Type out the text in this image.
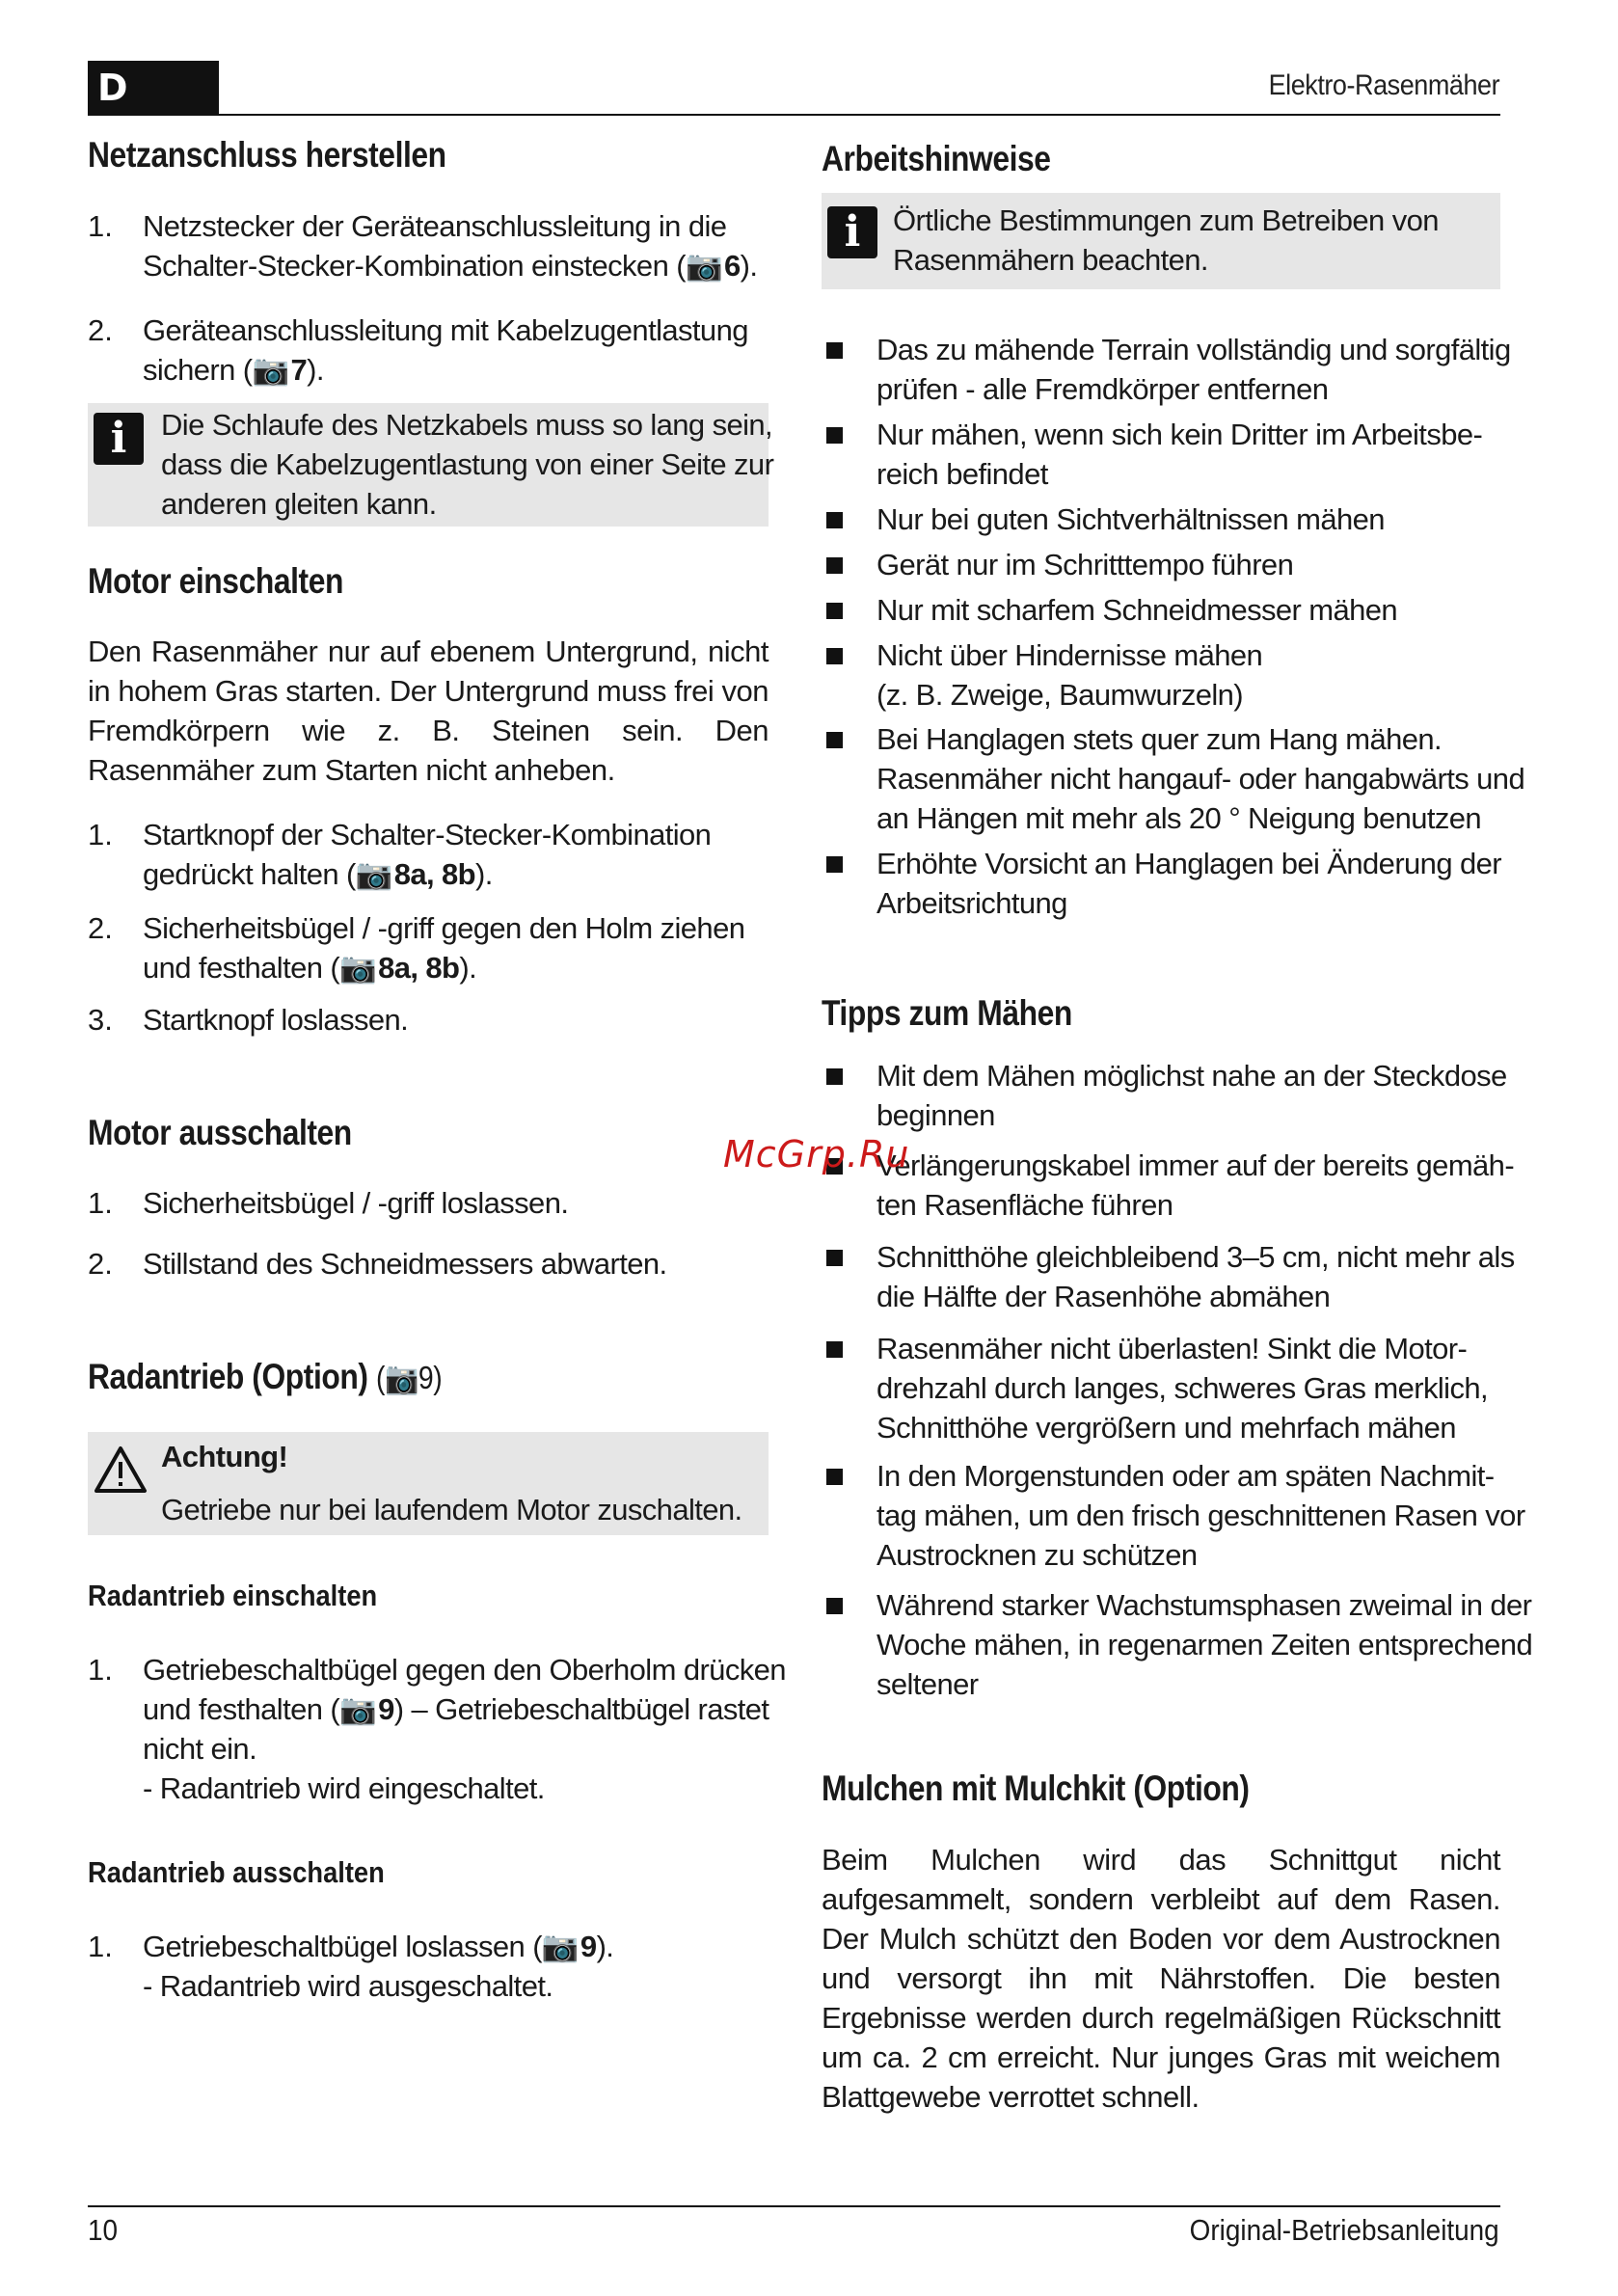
D	Elektro-Rasenmäher
Netzanschluss herstellen
1. Netzstecker der Geräteanschlussleitung in die
Schalter-Stecker-Kombination einstecken (📷 6).
2. Geräteanschlussleitung mit Kabelzugentlastung
sichern (📷 7).
i	Die Schlaufe des Netzkabels muss so lang sein,
dass die Kabelzugentlastung von einer Seite zur
anderen gleiten kann.
Motor einschalten
Den Rasenmäher nur auf ebenem Untergrund, nicht in hohem Gras starten. Der Untergrund muss frei von Fremdkörpern wie z. B. Steinen sein. Den Rasenmäher zum Starten nicht anheben.
1. Startknopf der Schalter-Stecker-Kombination
gedrückt halten (📷 8a, 8b).
2. Sicherheitsbügel / -griff gegen den Holm ziehen
und festhalten (📷 8a, 8b).
3. Startknopf loslassen.
Motor ausschalten
1. Sicherheitsbügel / -griff loslassen.
2. Stillstand des Schneidmessers abwarten.
Radantrieb (Option) (📷9)
Achtung!
Getriebe nur bei laufendem Motor zuschalten.
Radantrieb einschalten
1. Getriebeschaltbügel gegen den Oberholm drücken
und festhalten (📷 9) – Getriebeschaltbügel rastet
nicht ein.
- Radantrieb wird eingeschaltet.
Radantrieb ausschalten
1. Getriebeschaltbügel loslassen (📷 9).
- Radantrieb wird ausgeschaltet.
Arbeitshinweise
i	Örtliche Bestimmungen zum Betreiben von
Rasenmähern beachten.
Das zu mähende Terrain vollständig und sorgfältig
prüfen - alle Fremdkörper entfernen
Nur mähen, wenn sich kein Dritter im Arbeitsbe-
reich befindet
Nur bei guten Sichtverhältnissen mähen
Gerät nur im Schritttempo führen
Nur mit scharfem Schneidmesser mähen
Nicht über Hindernisse mähen
(z. B. Zweige, Baumwurzeln)
Bei Hanglagen stets quer zum Hang mähen.
Rasenmäher nicht hangauf- oder hangabwärts und
an Hängen mit mehr als 20 ° Neigung benutzen
Erhöhte Vorsicht an Hanglagen bei Änderung der
Arbeitsrichtung
Tipps zum Mähen
Mit dem Mähen möglichst nahe an der Steckdose
beginnen
Verlängerungskabel immer auf der bereits gemäh-
ten Rasenfläche führen
Schnitthöhe gleichbleibend 3–5 cm, nicht mehr als
die Hälfte der Rasenhöhe abmähen
Rasenmäher nicht überlasten! Sinkt die Motor-
drehzahl durch langes, schweres Gras merklich,
Schnitthöhe vergrößern und mehrfach mähen
In den Morgenstunden oder am späten Nachmit-
tag mähen, um den frisch geschnittenen Rasen vor
Austrocknen zu schützen
Während starker Wachstumsphasen zweimal in der
Woche mähen, in regenarmen Zeiten entsprechend
seltener
Mulchen mit Mulchkit (Option)
Beim Mulchen wird das Schnittgut nicht aufgesammelt, sondern verbleibt auf dem Rasen. Der Mulch schützt den Boden vor dem Austrocknen und versorgt ihn mit Nährstoffen. Die besten Ergebnisse werden durch regelmäßigen Rückschnitt um ca. 2 cm erreicht. Nur junges Gras mit weichem Blattgewebe verrottet schnell.
McGrp.Ru
10	Original-Betriebsanleitung
